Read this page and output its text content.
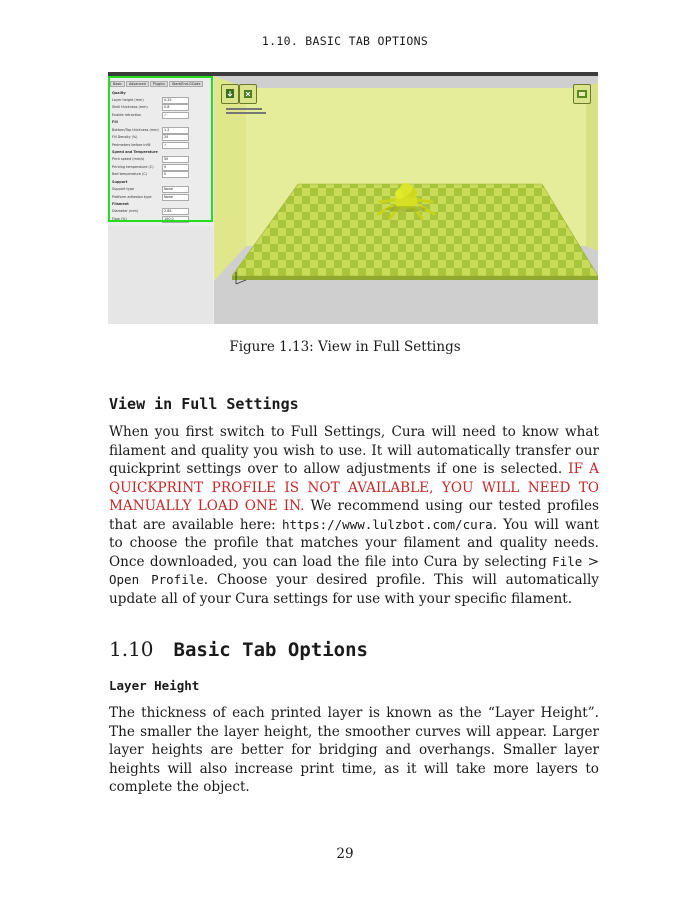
1.10. BASIC TAB OPTIONS
Basic	Advanced	Plugins	Start/End-GCode
Quality
Layer height (mm)	0.25
Shell thickness (mm)	0.8
Enable retraction	✓
Fill
Bottom/Top thickness (mm)	1.2
Fill Density (%)	20
Perimeters before infill	✓
Speed and Temperature
Print speed (mm/s)	50
Printing temperature (C)	0
Bed temperature (C)	0
Support
Support type	None
Platform adhesion type	None
Filament
Diameter (mm)	2.85
Flow (%)	100.0
Figure 1.13: View in Full Settings
View in Full Settings
When you first switch to Full Settings, Cura will need to know what filament and quality you wish to use. It will automatically transfer our quickprint settings over to allow adjustments if one is selected. IF A QUICKPRINT PROFILE IS NOT AVAILABLE, YOU WILL NEED TO MANUALLY LOAD ONE IN. We recommend using our tested profiles that are available here: https://www.lulzbot.com/cura. You will want to choose the profile that matches your filament and quality needs. Once downloaded, you can load the file into Cura by selecting File > Open Profile. Choose your desired profile. This will automatically update all of your Cura settings for use with your specific filament.
1.10 Basic Tab Options
Layer Height
The thickness of each printed layer is known as the “Layer Height”. The smaller the layer height, the smoother curves will appear. Larger layer heights are better for bridging and overhangs. Smaller layer heights will also increase print time, as it will take more layers to complete the object.
29
